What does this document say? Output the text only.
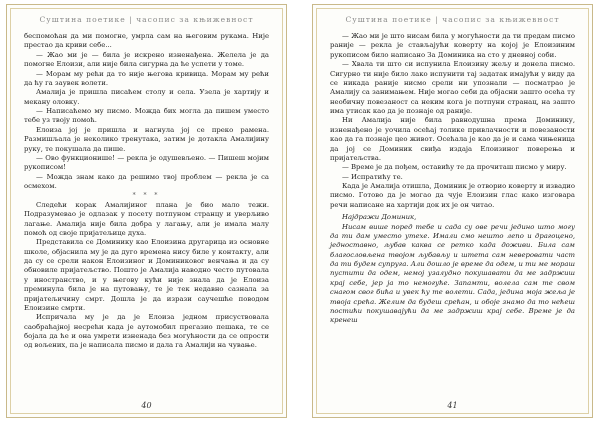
Суштина поетике | часопис за књижевност

беспомоћан да ми помогне, умрла сам на његовим рукама. Није престао да криви себе...

— Жао ми је — била је искрено изненађена. Желела је да помогне Елоизи, али није била сигурна да ће успети у томе.

— Морам му рећи да то није његова кривица. Морам му рећи да ћу га заувек волети.

Амалија је пришла писаћем столу и села. Узела је хартију и мекану оловку.

— Написаћемо му писмо. Можда бих могла да пишем уместо тебе уз твоју помоћ.

Елоиза јој је пришла и нагнула јој се преко рамена. Размишљала је неколико тренутака, затим је дотакла Амалијину руку, те покушала да пише.

— Ово функционише! — рекла је одушевљено. — Пишеш мојим рукописом!

— Можда знам како да решимо твој проблем — рекла је са осмехом.

* * *

Следећи корак Амалијиног плана је био мало тежи. Подразумевао је одлазак у посету потпуном странцу и уверљиво лагање. Амалија није била добра у лагању, али је имала малу помоћ од своје пријатељице духа.

Представила се Доминику као Елоизина другарица из основне школе, објаснила му је да дуго времена нису биле у контакту, али да су се срели након Елоизиног и Доминиковог венчања и да су обновиле пријатељство. Пошто је Амалија наводно често путовала у иностранство, и у његову кући није знала да је Елоиза преминула била је на путовању, те је тек недавно сазнала за пријатељичину смрт. Дошла је да изрази саучешће поводом Елоизине смрти.

Испричала му је да је Елоиза једном присуствовала саобраћајној несрећи када је аутомобил прегазио пешака, те се бојала да ће и она умрети изненада без могућности да се опрости од вољених, па је написала писмо и дала га Амалији на чување.

40
Суштина поетике | часопис за књижевност

— Жао ми је што нисам била у могућности да ти предам писмо раније — рекла је стављајући коверту на којој је Елоизиним рукописом било написано За Доминика на сто у дневној соби.

— Хвала ти што си испунила Елоизину жељу и донела писмо. Сигурно ти није било лако испунити тај задатак имајући у виду да се никада раније нисмо срели ни упознали — посматрао је Амалију са занимањем. Није могао себи да објасни зашто осећа ту необичну повезаност са неким кога је потпуни странац, на зашто има утисак као да је познаје од раније.

Ни Амалија није била равнодушна према Доминику, изненађено је уочила осећај толике привлачности и повезаности као да га познаје цео живот. Осећала је као да је и сама чињеница да јој се Доминик свиђа издаја Елоизиног поверења и пријатељства.

— Време је да пођем, оставићу те да прочиташ писмо у миру.

— Испратићу те.

Када је Амалија отишла, Доминик је отворио коверту и извадио писмо. Готово да је могао да чује Елоизин глас како изговара речи написане на хартији док их је он читао.

Најдражи Доминик,

Нисам више поред тебе и сада су ове речи једино што могу да ти дам уместо утехе. Имали смо нешто лепо и драгоцено, једноставно, љубав каква се ретко када доживи. Била сам благословљена твојом љубављу и штета сам неверовати част да ти будем супруга. Али дошло је време да одем, и ти ме мораш пустити да одем, немој узалудно покушавати да ме задржиш крај себе, јер ја то немогуће. Запамти, волела сам те свом снагом свог бића и увек ћу те волети. Сада, једина моја жеља је твоја срећа. Желим да будеш срећан, и обоје знамо да то нећеш постићи покушавајући да ме задржиш крај себе. Време је да кренеш

41
